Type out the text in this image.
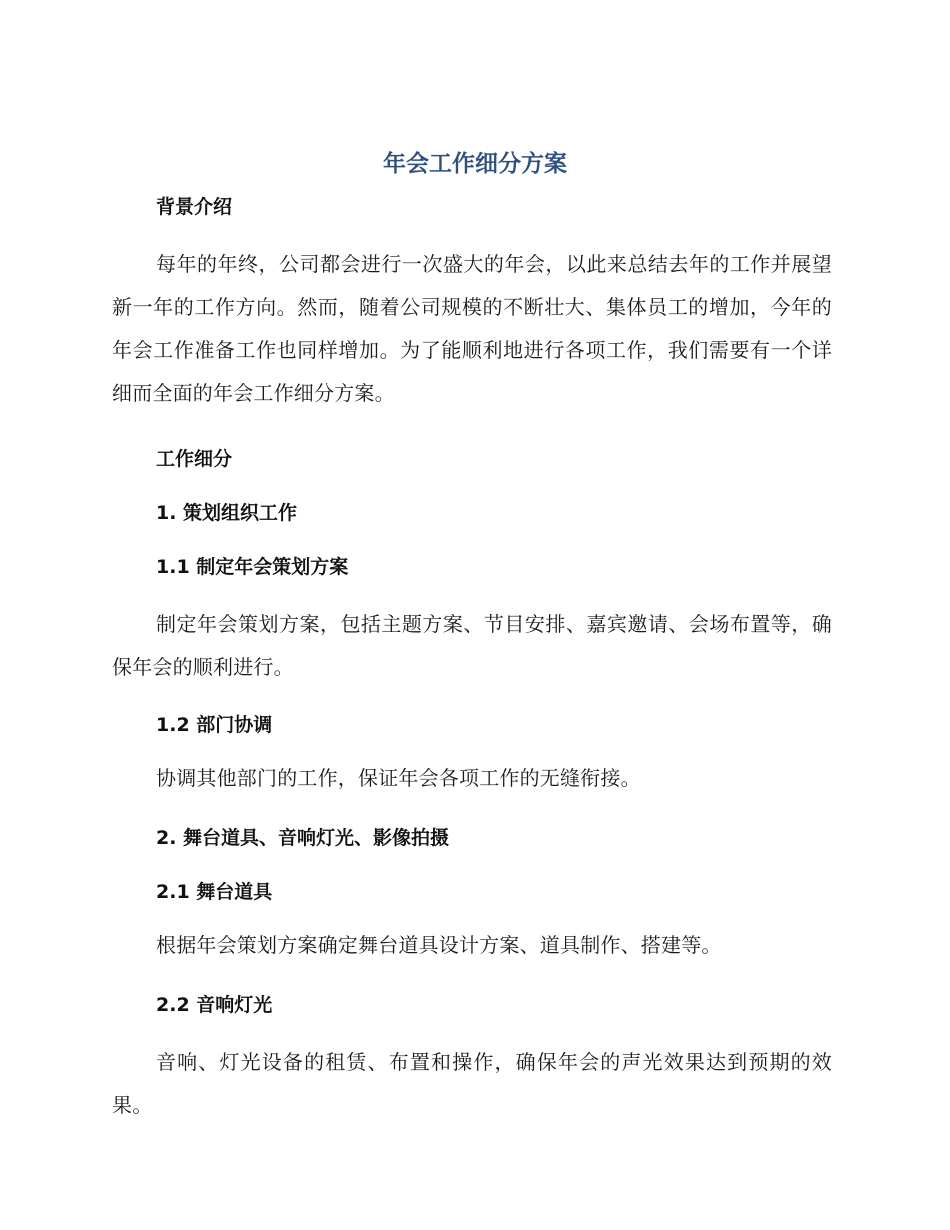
年会工作细分方案
背景介绍

每年的年终，公司都会进行一次盛大的年会，以此来总结去年的工作并展望新一年的工作方向。然而，随着公司规模的不断壮大、集体员工的增加，今年的年会工作准备工作也同样增加。为了能顺利地进行各项工作，我们需要有一个详细而全面的年会工作细分方案。

工作细分
1. 策划组织工作
1.1 制定年会策划方案

制定年会策划方案，包括主题方案、节目安排、嘉宾邀请、会场布置等，确保年会的顺利进行。

1.2 部门协调

协调其他部门的工作，保证年会各项工作的无缝衔接。

2. 舞台道具、音响灯光、影像拍摄
2.1 舞台道具

根据年会策划方案确定舞台道具设计方案、道具制作、搭建等。

2.2 音响灯光

音响、灯光设备的租赁、布置和操作，确保年会的声光效果达到预期的效果。
